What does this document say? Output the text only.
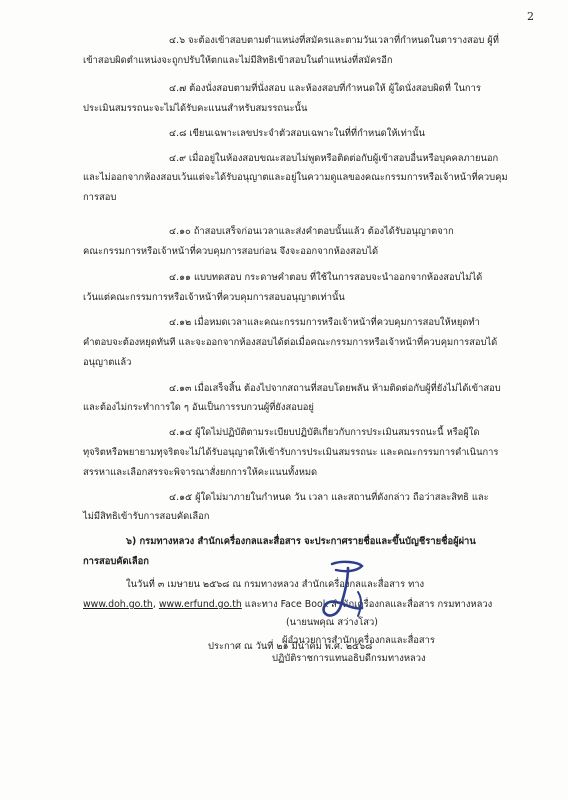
2
๔.๖ จะต้องเข้าสอบตามตำแหน่งที่สมัครและตามวันเวลาที่กำหนดในตารางสอบ ผู้ที่
เข้าสอบผิดตำแหน่งจะถูกปรับให้ตกและไม่มีสิทธิเข้าสอบในตำแหน่งที่สมัครอีก
๔.๗ ต้องนั่งสอบตามที่นั่งสอบ และห้องสอบที่กำหนดให้ ผู้ใดนั่งสอบผิดที่ ในการ
ประเมินสมรรถนะจะไม่ได้รับคะแนนสำหรับสมรรถนะนั้น
๔.๘ เขียนเฉพาะเลขประจำตัวสอบเฉพาะในที่ที่กำหนดให้เท่านั้น
๔.๙ เมื่ออยู่ในห้องสอบขณะสอบไม่พูดหรือติดต่อกับผู้เข้าสอบอื่นหรือบุคคลภายนอก
และไม่ออกจากห้องสอบเว้นแต่จะได้รับอนุญาตและอยู่ในความดูแลของคณะกรรมการหรือเจ้าหน้าที่ควบคุม
การสอบ
๔.๑๐ ถ้าสอบเสร็จก่อนเวลาและส่งคำตอบนั้นแล้ว ต้องได้รับอนุญาตจาก
คณะกรรมการหรือเจ้าหน้าที่ควบคุมการสอบก่อน จึงจะออกจากห้องสอบได้
๔.๑๑ แบบทดสอบ กระดาษคำตอบ ที่ใช้ในการสอบจะนำออกจากห้องสอบไม่ได้
เว้นแต่คณะกรรมการหรือเจ้าหน้าที่ควบคุมการสอบอนุญาตเท่านั้น
๔.๑๒ เมื่อหมดเวลาและคณะกรรมการหรือเจ้าหน้าที่ควบคุมการสอบให้หยุดทำ
คำตอบจะต้องหยุดทันที และจะออกจากห้องสอบได้ต่อเมื่อคณะกรรมการหรือเจ้าหน้าที่ควบคุมการสอบได้
อนุญาตแล้ว
๔.๑๓ เมื่อเสร็จสิ้น ต้องไปจากสถานที่สอบโดยพลัน ห้ามติดต่อกับผู้ที่ยังไม่ได้เข้าสอบ
และต้องไม่กระทำการใด ๆ อันเป็นการรบกวนผู้ที่ยังสอบอยู่
๔.๑๔ ผู้ใดไม่ปฏิบัติตามระเบียบปฏิบัติเกี่ยวกับการประเมินสมรรถนะนี้ หรือผู้ใด
ทุจริตหรือพยายามทุจริตจะไม่ได้รับอนุญาตให้เข้ารับการประเมินสมรรถนะ และคณะกรรมการดำเนินการ
สรรหาและเลือกสรรจะพิจารณาสั่งยกการให้คะแนนทั้งหมด
๔.๑๕ ผู้ใดไม่มาภายในกำหนด วัน เวลา และสถานที่ดังกล่าว ถือว่าสละสิทธิ และ
ไม่มีสิทธิเข้ารับการสอบคัดเลือก
๖) กรมทางหลวง สำนักเครื่องกลและสื่อสาร จะประกาศรายชื่อและขึ้นบัญชีรายชื่อผู้ผ่าน
การสอบคัดเลือก
ในวันที่ ๓ เมษายน ๒๕๖๘ ณ กรมทางหลวง สำนักเครื่องกลและสื่อสาร ทาง
www.doh.go.th, www.erfund.go.th และทาง Face Book สำนักเครื่องกลและสื่อสาร กรมทางหลวง
ประกาศ ณ วันที่ ๒๑ มีนาคม พ.ศ. ๒๕๖๘
(นายนพคุณ สว่างโสว)
ผู้อำนวยการสำนักเครื่องกลและสื่อสาร
ปฏิบัติราชการแทนอธิบดีกรมทางหลวง
